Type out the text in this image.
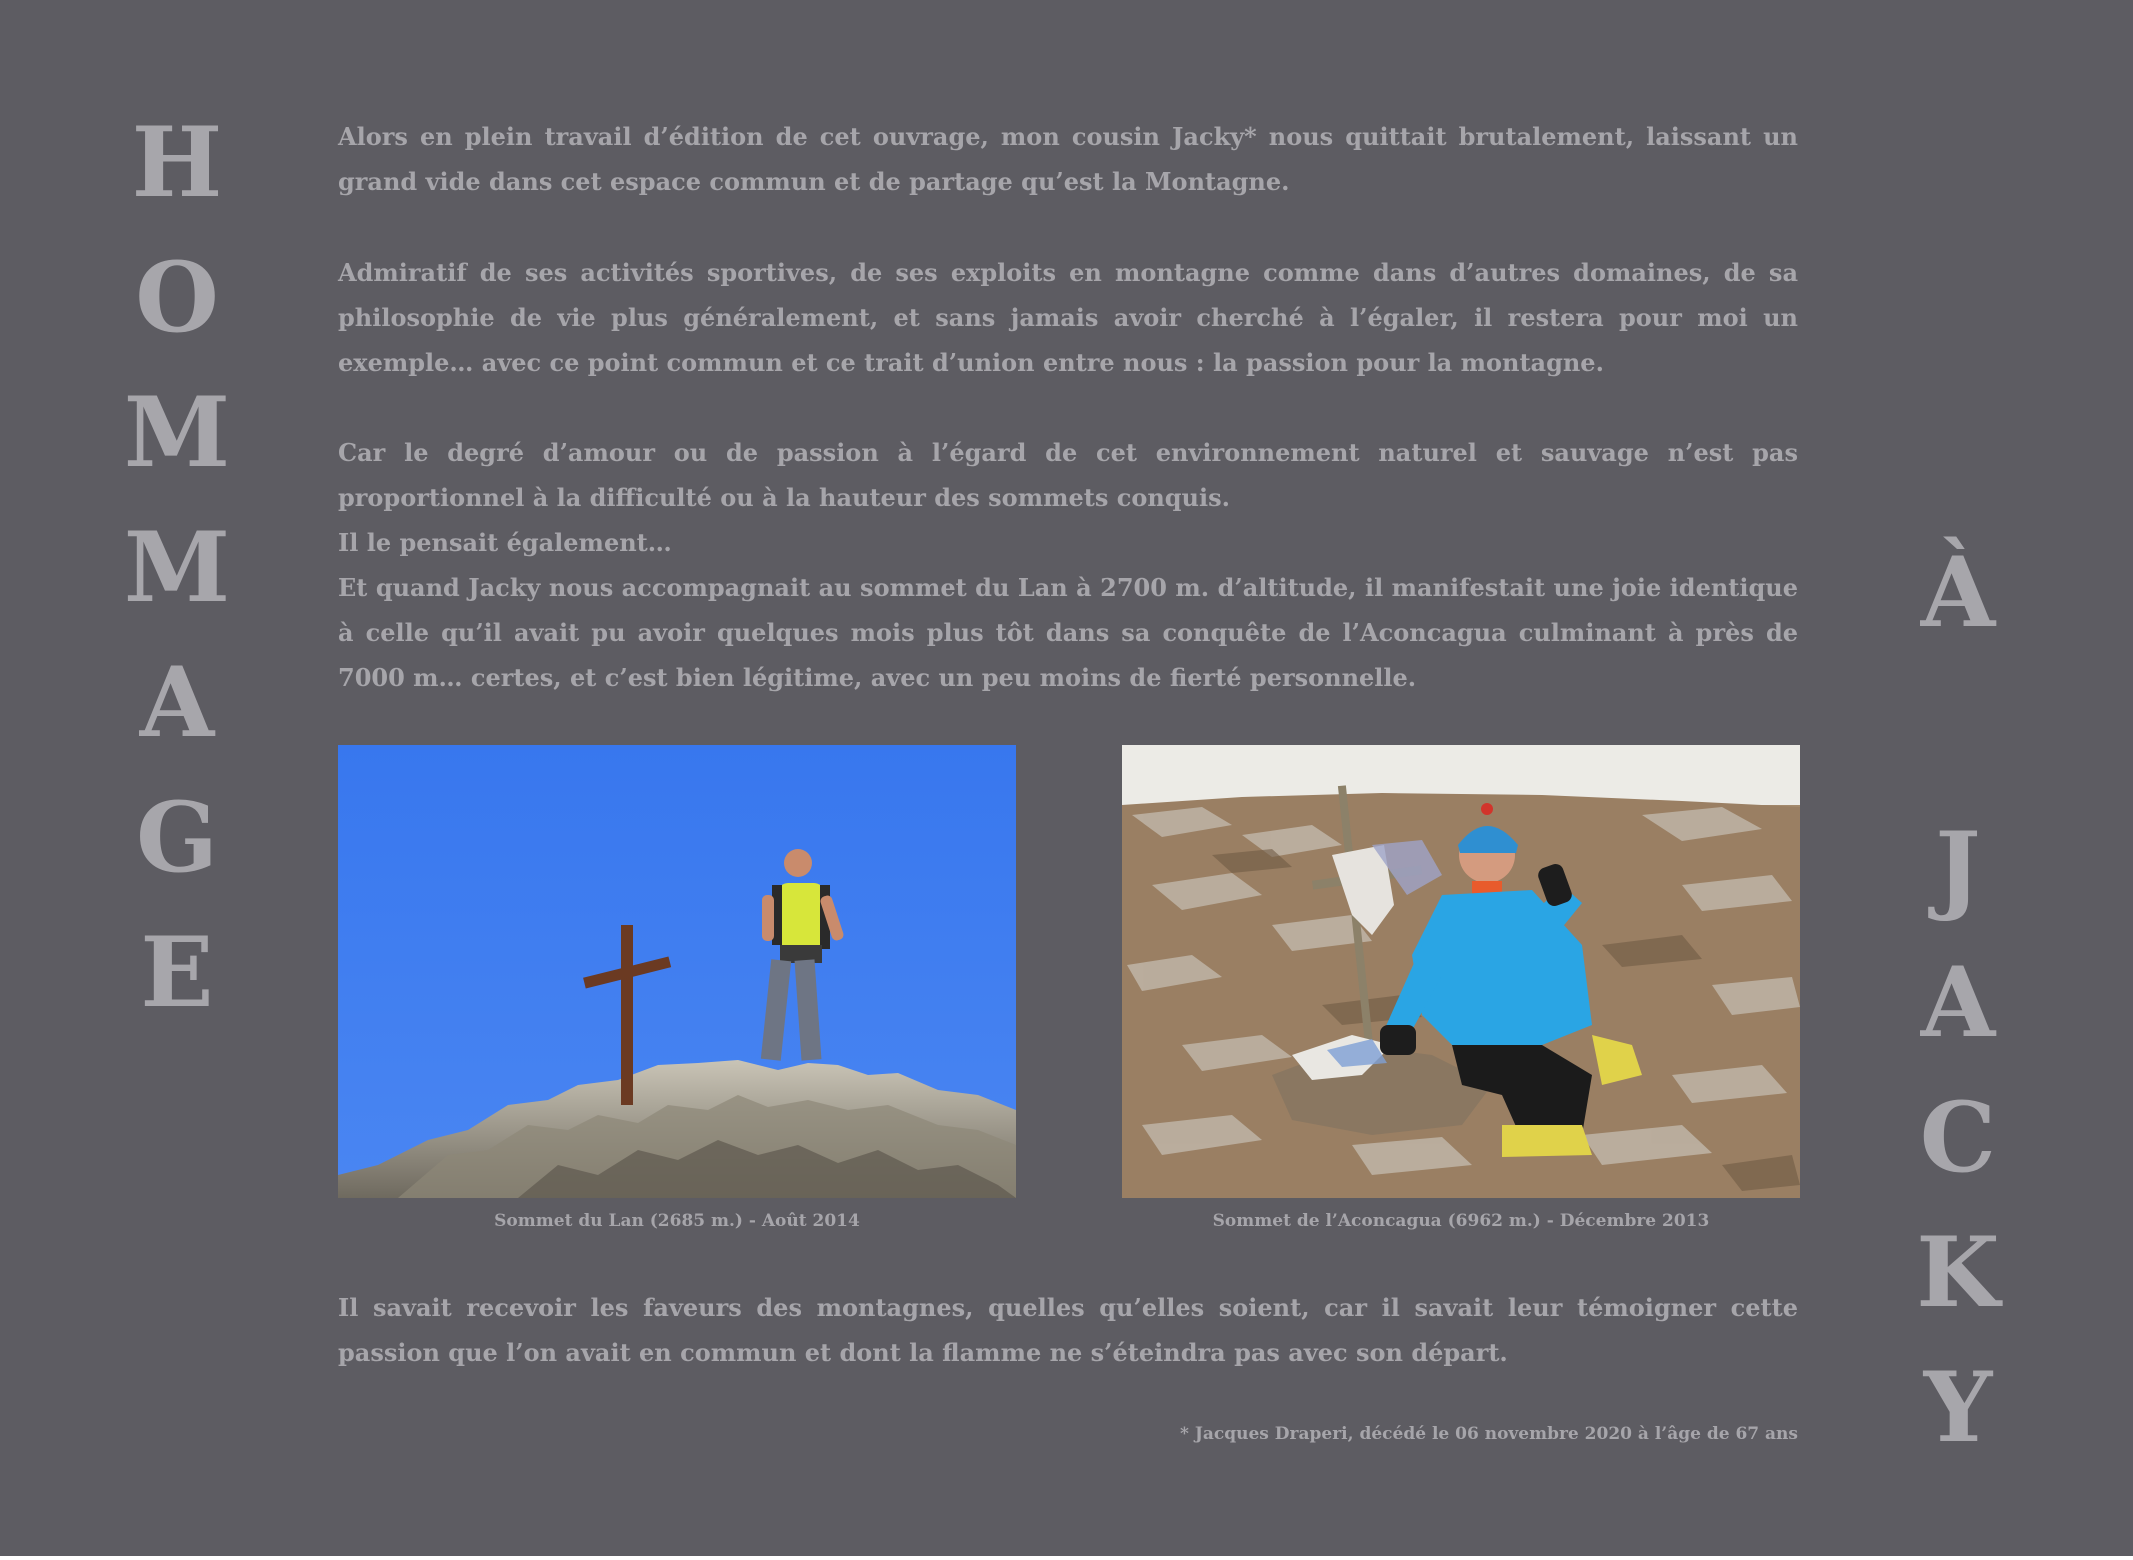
H
O
M
M
A
G
E
À
J
A
C
K
Y

Alors en plein travail d’édition de cet ouvrage, mon cousin Jacky* nous quittait brutalement, laissant un grand vide dans cet espace commun et de partage qu’est la Montagne.

Admiratif de ses activités sportives, de ses exploits en montagne comme dans d’autres domaines, de sa philosophie de vie plus généralement, et sans jamais avoir cherché à l’égaler, il restera pour moi un exemple… avec ce point commun et ce trait d’union entre nous : la passion pour la montagne.

Car le degré d’amour ou de passion à l’égard de cet environnement naturel et sauvage n’est pas proportionnel à la difficulté ou à la hauteur des sommets conquis.

Il le pensait également…

Et quand Jacky nous accompagnait au sommet du Lan à 2700 m. d’altitude, il manifestait une joie identique à celle qu’il avait pu avoir quelques mois plus tôt dans sa conquête de l’Aconcagua culminant à près de 7000 m… certes, et c’est bien légitime, avec un peu moins de fierté personnelle.

Sommet du Lan (2685 m.) - Août 2014	Sommet de l’Aconcagua (6962 m.) - Décembre 2013

Il savait recevoir les faveurs des montagnes, quelles qu’elles soient, car il savait leur témoigner cette passion que l’on avait en commun et dont la flamme ne s’éteindra pas avec son départ.

* Jacques Draperi, décédé le 06 novembre 2020 à l’âge de 67 ans
